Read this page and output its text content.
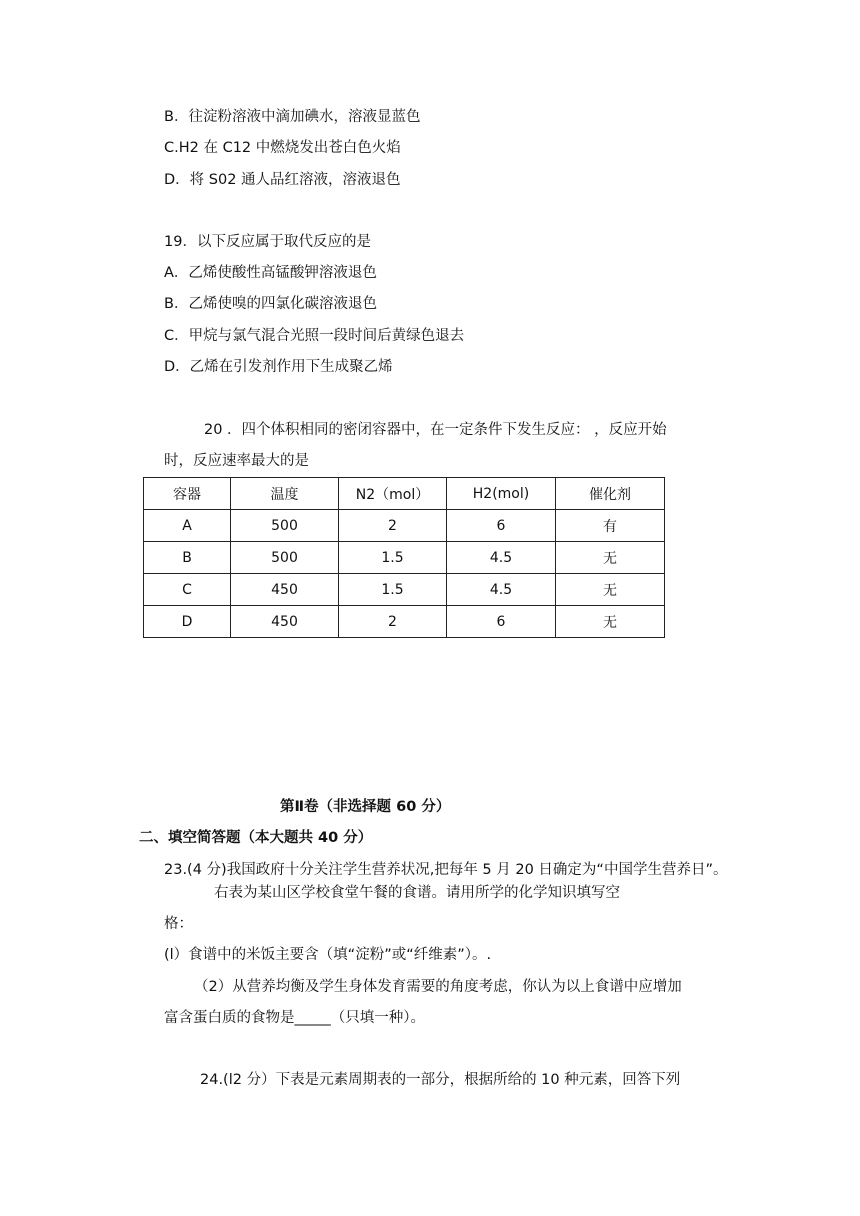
B．往淀粉溶液中滴加碘水，溶液显蓝色
C.H2 在 C12 中燃烧发出苍白色火焰
D．将 S02 通人品红溶液，溶液退色
19．以下反应属于取代反应的是
A．乙烯使酸性高锰酸钾溶液退色
B．乙烯使嗅的四氯化碳溶液退色
C．甲烷与氯气混合光照一段时间后黄绿色退去
D．乙烯在引发剂作用下生成聚乙烯
20 ．四个体积相同的密闭容器中，在一定条件下发生反应： ，反应开始
时，反应速率最大的是
容器	温度	N2（mol）	H2(mol)	催化剂
A	500	2	6	有
B	500	1.5	4.5	无
C	450	1.5	4.5	无
D	450	2	6	无
第Ⅱ卷（非选择题 60 分）
二、填空简答题（本大题共 40 分）
23.(4 分)我国政府十分关注学生营养状况,把每年 5 月 20 日确定为“中国学生营养日”。
右表为某山区学校食堂午餐的食谱。请用所学的化学知识填写空
格：
(l）食谱中的米饭主要含（填“淀粉”或“纤维素”）。.
（2）从营养均衡及学生身体发育需要的角度考虑，你认为以上食谱中应增加
富含蛋白质的食物是_____（只填一种）。
24.(l2 分）下表是元素周期表的一部分，根据所给的 10 种元素，回答下列
